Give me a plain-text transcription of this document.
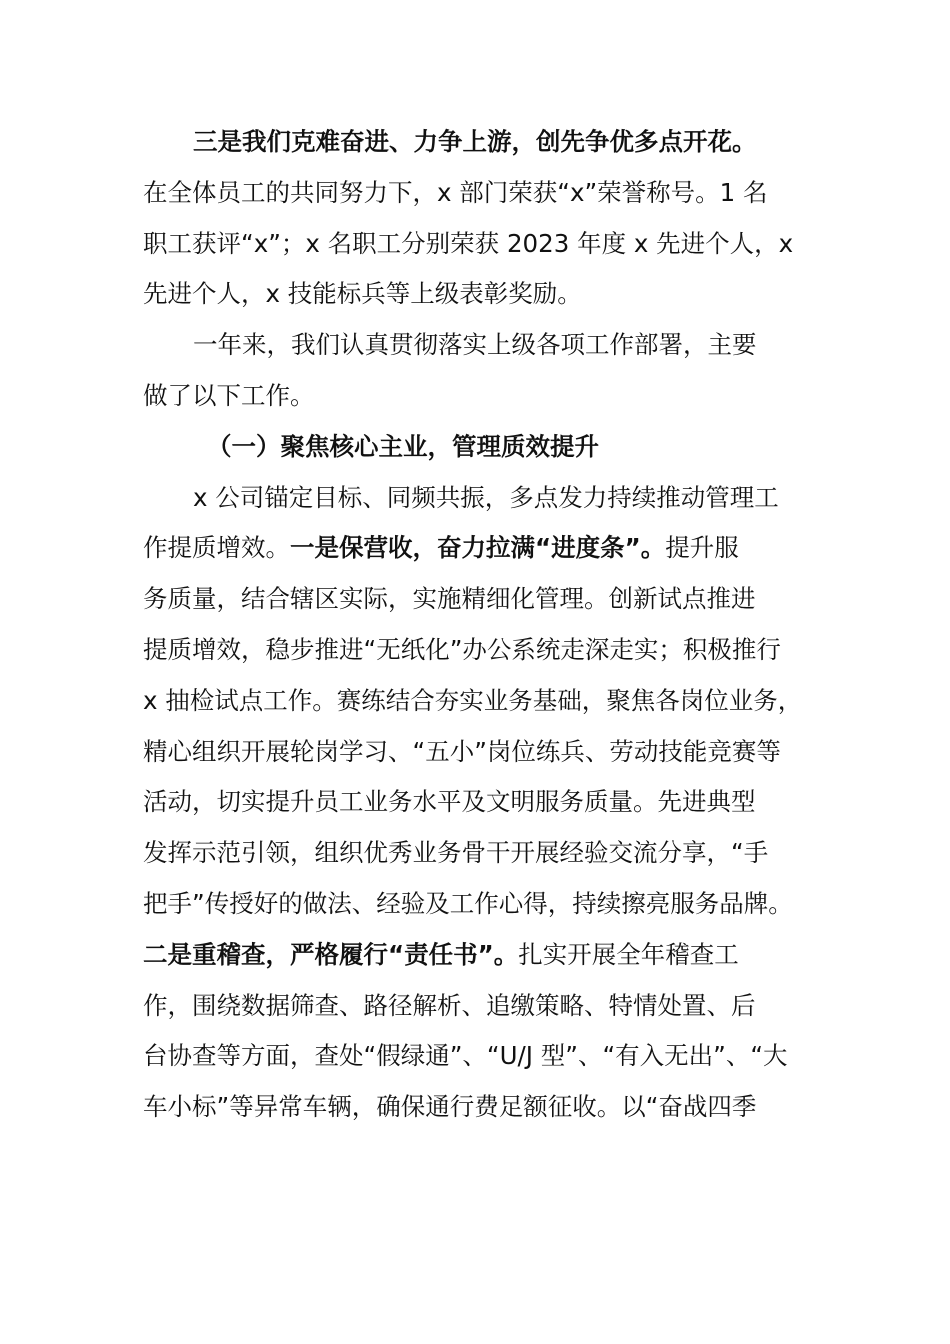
三是我们克难奋进、力争上游，创先争优多点开花。
在全体员工的共同努力下，x 部门荣获“x”荣誉称号。1 名
职工获评“x”；x 名职工分别荣获 2023 年度 x 先进个人，x
先进个人，x 技能标兵等上级表彰奖励。
一年来，我们认真贯彻落实上级各项工作部署，主要
做了以下工作。
（一）聚焦核心主业，管理质效提升
x 公司锚定目标、同频共振，多点发力持续推动管理工
作提质增效。一是保营收，奋力拉满“进度条”。提升服
务质量，结合辖区实际，实施精细化管理。创新试点推进
提质增效，稳步推进“无纸化”办公系统走深走实；积极推行
x 抽检试点工作。赛练结合夯实业务基础，聚焦各岗位业务，
精心组织开展轮岗学习、“五小”岗位练兵、劳动技能竞赛等
活动，切实提升员工业务水平及文明服务质量。先进典型
发挥示范引领，组织优秀业务骨干开展经验交流分享，“手
把手”传授好的做法、经验及工作心得，持续擦亮服务品牌。
二是重稽查，严格履行“责任书”。扎实开展全年稽查工
作，围绕数据筛查、路径解析、追缴策略、特情处置、后
台协查等方面，查处“假绿通”、“U/J 型”、“有入无出”、“大
车小标”等异常车辆，确保通行费足额征收。以“奋战四季
